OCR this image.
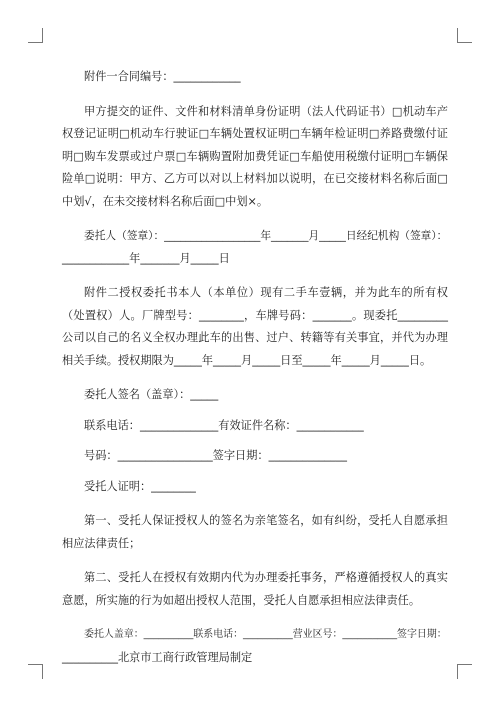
附件一合同编号：____________

甲方提交的证件、文件和材料清单身份证明（法人代码证书）□机动车产权登记证明□机动车行驶证□车辆处置权证明□车辆年检证明□养路费缴付证明□购车发票或过户票□车辆购置附加费凭证□车船使用税缴付证明□车辆保险单□说明：甲方、乙方可以对以上材料加以说明，在已交接材料名称后面□中划√，在未交接材料名称后面□中划×。

委托人（签章）：__________________年_______月_____日经纪机构（签章）：

____________年_______月_____日

附件二授权委托书本人（本单位）现有二手车壹辆，并为此车的所有权（处置权）人。厂牌型号：________，车牌号码：_______。现委托_________公司以自己的名义全权办理此车的出售、过户、转籍等有关事宜，并代为办理相关手续。授权期限为_____年_____月_____日至_____年_____月_____日。

委托人签名（盖章）：_____

联系电话：______________有效证件名称：____________

号码：_________________签字日期：______________

受托人证明：________

第一、受托人保证授权人的签名为亲笔签名，如有纠纷，受托人自愿承担相应法律责任；

第二、受托人在授权有效期内代为办理委托事务，严格遵循授权人的真实意愿，所实施的行为如超出授权人范围，受托人自愿承担相应法律责任。

委托人盖章：__________联系电话：__________营业区号：___________签字日期：

__________北京市工商行政管理局制定
